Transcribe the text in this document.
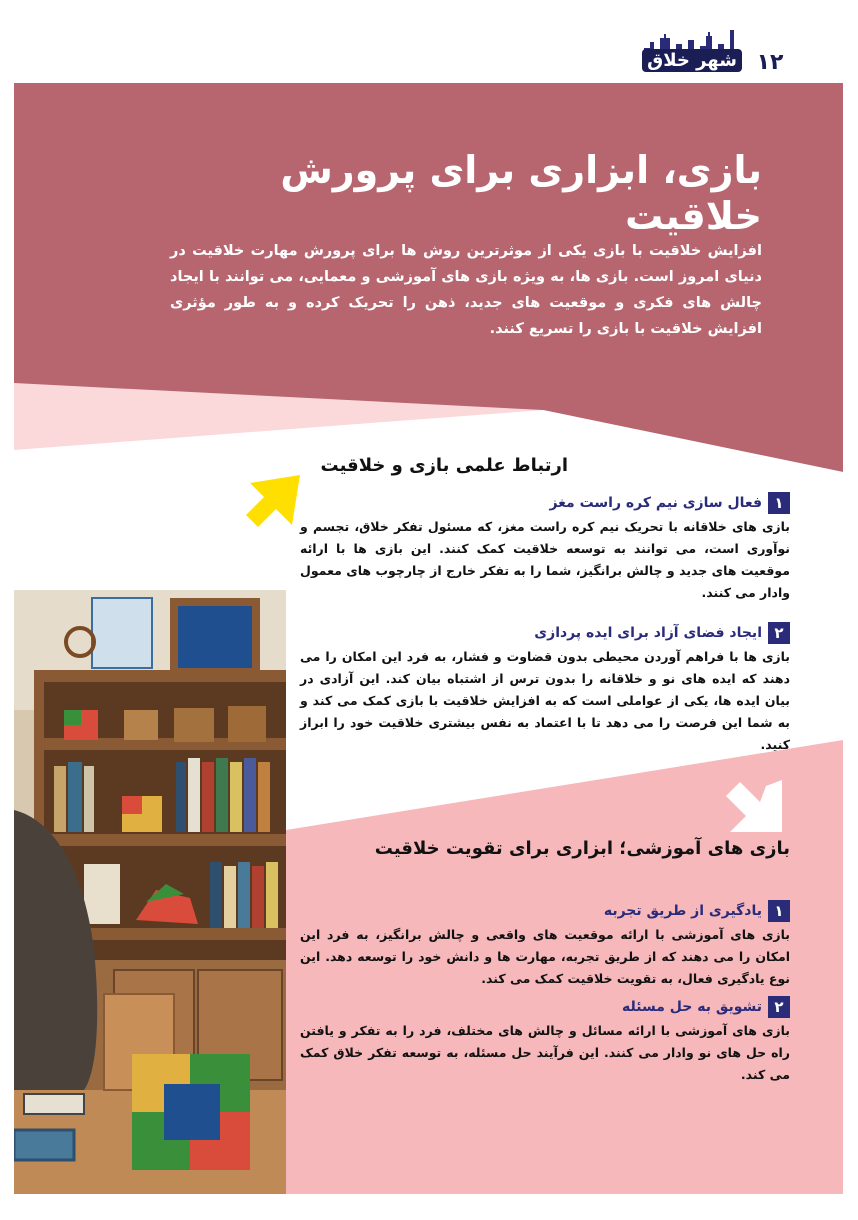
۱۲
شهر خلاق
بازی، ابزاری برای پرورش خلاقیت
افزایش خلاقیت با بازی یکی از موثرترین روش ها برای پرورش مهارت خلاقیت در دنیای امروز است. بازی ها، به ویژه بازی های آموزشی و معمایی، می توانند با ایجاد چالش های فکری و موقعیت های جدید، ذهن را تحریک کرده و به طور مؤثری افزایش خلاقیت با بازی را تسریع کنند.
ارتباط علمی بازی و خلاقیت
۱
فعال سازی نیم کره راست مغز
بازی های خلاقانه با تحریک نیم کره راست مغز، که مسئول تفکر خلاق، تجسم و نوآوری است، می توانند به توسعه خلاقیت کمک کنند. این بازی ها با ارائه موقعیت های جدید و چالش برانگیز، شما را به تفکر خارج از چارچوب های معمول وادار می کنند.
۲
ایجاد فضای آزاد برای ایده پردازی
بازی ها با فراهم آوردن محیطی بدون قضاوت و فشار، به فرد این امکان را می دهند که ایده های نو و خلاقانه را بدون ترس از اشتباه بیان کند. این آزادی در بیان ایده ها، یکی از عواملی است که به افزایش خلاقیت با بازی کمک می کند و به شما این فرصت را می دهد تا با اعتماد به نفس بیشتری خلاقیت خود را ابراز کنید.
بازی های آموزشی؛ ابزاری برای تقویت خلاقیت
۱
یادگیری از طریق تجربه
بازی های آموزشی با ارائه موقعیت های واقعی و چالش برانگیز، به فرد این امکان را می دهند که از طریق تجربه، مهارت ها و دانش خود را توسعه دهد. این نوع یادگیری فعال، به تقویت خلاقیت کمک می کند.
۲
تشویق به حل مسئله
بازی های آموزشی با ارائه مسائل و چالش های مختلف، فرد را به تفکر و یافتن راه حل های نو وادار می کنند. این فرآیند حل مسئله، به توسعه تفکر خلاق کمک می کند.
